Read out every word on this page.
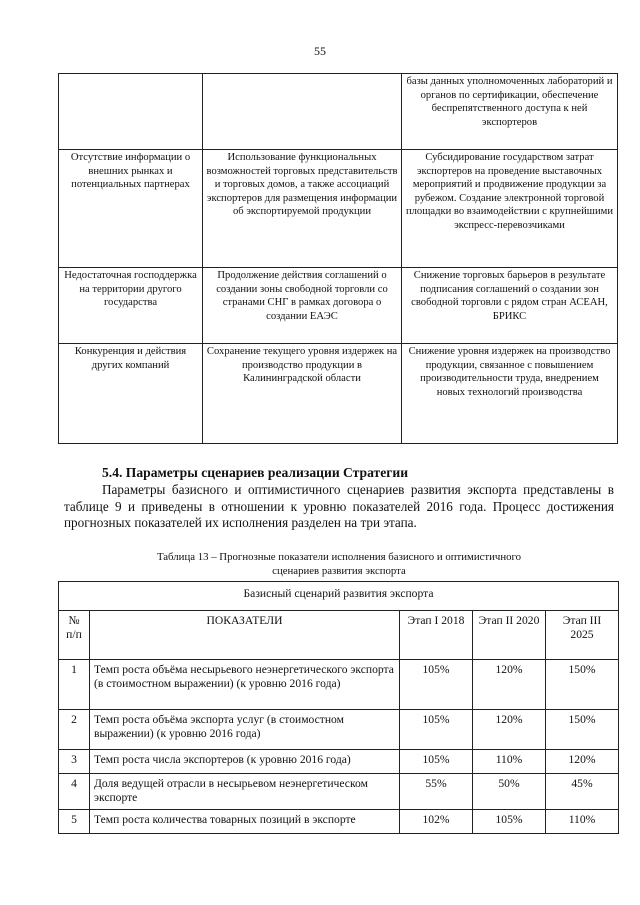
55
		базы данных уполномоченных лабораторий и органов по сертификации, обеспечение беспрепятственного доступа к ней экспортеров
Отсутствие информации о внешних рынках и потенциальных партнерах	Использование функциональных возможностей торговых представительств и торговых домов, а также ассоциаций экспортеров для размещения информации об экспортируемой продукции	Субсидирование государством затрат экспортеров на проведение выставочных мероприятий и продвижение продукции за рубежом. Создание электронной торговой площадки во взаимодействии с крупнейшими экспресс-перевозчиками
Недостаточная господдержка на территории другого государства	Продолжение действия соглашений о создании зоны свободной торговли со странами СНГ в рамках договора о создании ЕАЭС	Снижение торговых барьеров в результате подписания соглашений о создании зон свободной торговли с рядом стран АСЕАН, БРИКС
Конкуренция и действия других компаний	Сохранение текущего уровня издержек на производство продукции в Калининградской области	Снижение уровня издержек на производство продукции, связанное с повышением производительности труда, внедрением новых технологий производства
5.4. Параметры сценариев реализации Стратегии

Параметры базисного и оптимистичного сценариев развития экспорта представлены в таблице 9 и приведены в отношении к уровню показателей 2016 года. Процесс достижения прогнозных показателей их исполнения разделен на три этапа.

Таблица 13 – Прогнозные показатели исполнения базисного и оптимистичного
сценариев развития экспорта
Базисный сценарий развития экспорта				
№ п/п	ПОКАЗАТЕЛИ	Этап I 2018	Этап II 2020	Этап III 2025
1	Темп роста объёма несырьевого неэнергетического экспорта (в стоимостном выражении) (к уровню 2016 года)	105%	120%	150%
2	Темп роста объёма экспорта услуг (в стоимостном выражении) (к уровню 2016 года)	105%	120%	150%
3	Темп роста числа экспортеров (к уровню 2016 года)	105%	110%	120%
4	Доля ведущей отрасли в несырьевом неэнергетическом экспорте	55%	50%	45%
5	Темп роста количества товарных позиций в экспорте	102%	105%	110%
